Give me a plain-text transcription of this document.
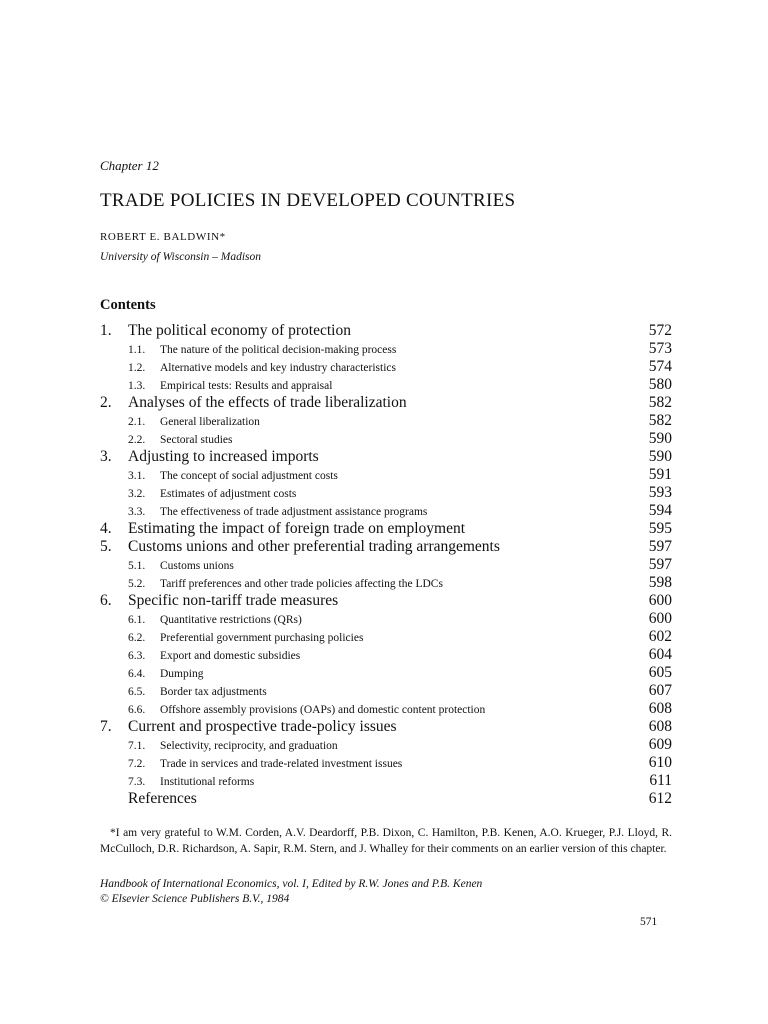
Chapter 12
TRADE POLICIES IN DEVELOPED COUNTRIES
ROBERT E. BALDWIN*
University of Wisconsin – Madison
Contents
1.	The political economy of protection	572
1.1.	The nature of the political decision-making process	573
1.2.	Alternative models and key industry characteristics	574
1.3.	Empirical tests: Results and appraisal	580
2.	Analyses of the effects of trade liberalization	582
2.1.	General liberalization	582
2.2.	Sectoral studies	590
3.	Adjusting to increased imports	590
3.1.	The concept of social adjustment costs	591
3.2.	Estimates of adjustment costs	593
3.3.	The effectiveness of trade adjustment assistance programs	594
4.	Estimating the impact of foreign trade on employment	595
5.	Customs unions and other preferential trading arrangements	597
5.1.	Customs unions	597
5.2.	Tariff preferences and other trade policies affecting the LDCs	598
6.	Specific non-tariff trade measures	600
6.1.	Quantitative restrictions (QRs)	600
6.2.	Preferential government purchasing policies	602
6.3.	Export and domestic subsidies	604
6.4.	Dumping	605
6.5.	Border tax adjustments	607
6.6.	Offshore assembly provisions (OAPs) and domestic content protection	608
7.	Current and prospective trade-policy issues	608
7.1.	Selectivity, reciprocity, and graduation	609
7.2.	Trade in services and trade-related investment issues	610
7.3.	Institutional reforms	611
References	612
*I am very grateful to W.M. Corden, A.V. Deardorff, P.B. Dixon, C. Hamilton, P.B. Kenen, A.O. Krueger, P.J. Lloyd, R. McCulloch, D.R. Richardson, A. Sapir, R.M. Stern, and J. Whalley for their comments on an earlier version of this chapter.
Handbook of International Economics, vol. I, Edited by R.W. Jones and P.B. Kenen
© Elsevier Science Publishers B.V., 1984
571
